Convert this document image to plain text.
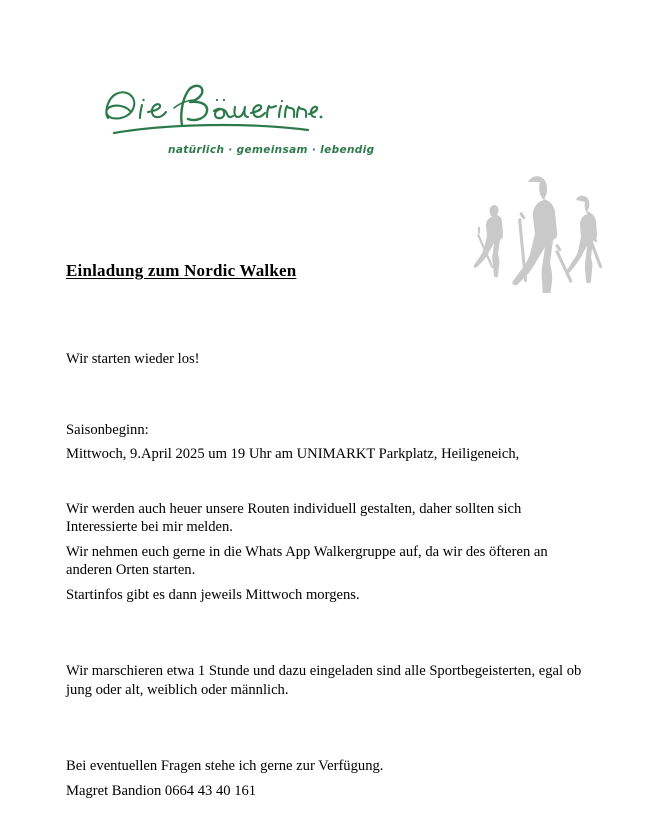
natürlich · gemeinsam · lebendig
Einladung zum Nordic Walken

Wir starten wieder los!

Saisonbeginn:

Mittwoch, 9.April 2025 um 19 Uhr am UNIMARKT Parkplatz, Heiligeneich,

Wir werden auch heuer unsere Routen individuell gestalten, daher sollten sich Interessierte bei mir melden.

Wir nehmen euch gerne in die Whats App Walkergruppe auf, da wir des öfteren an anderen Orten starten.

Startinfos gibt es dann jeweils Mittwoch morgens.

Wir marschieren etwa 1 Stunde und dazu eingeladen sind alle Sportbegeisterten, egal ob jung oder alt, weiblich oder männlich.

Bei eventuellen Fragen stehe ich gerne zur Verfügung.

Magret Bandion 0664 43 40 161
